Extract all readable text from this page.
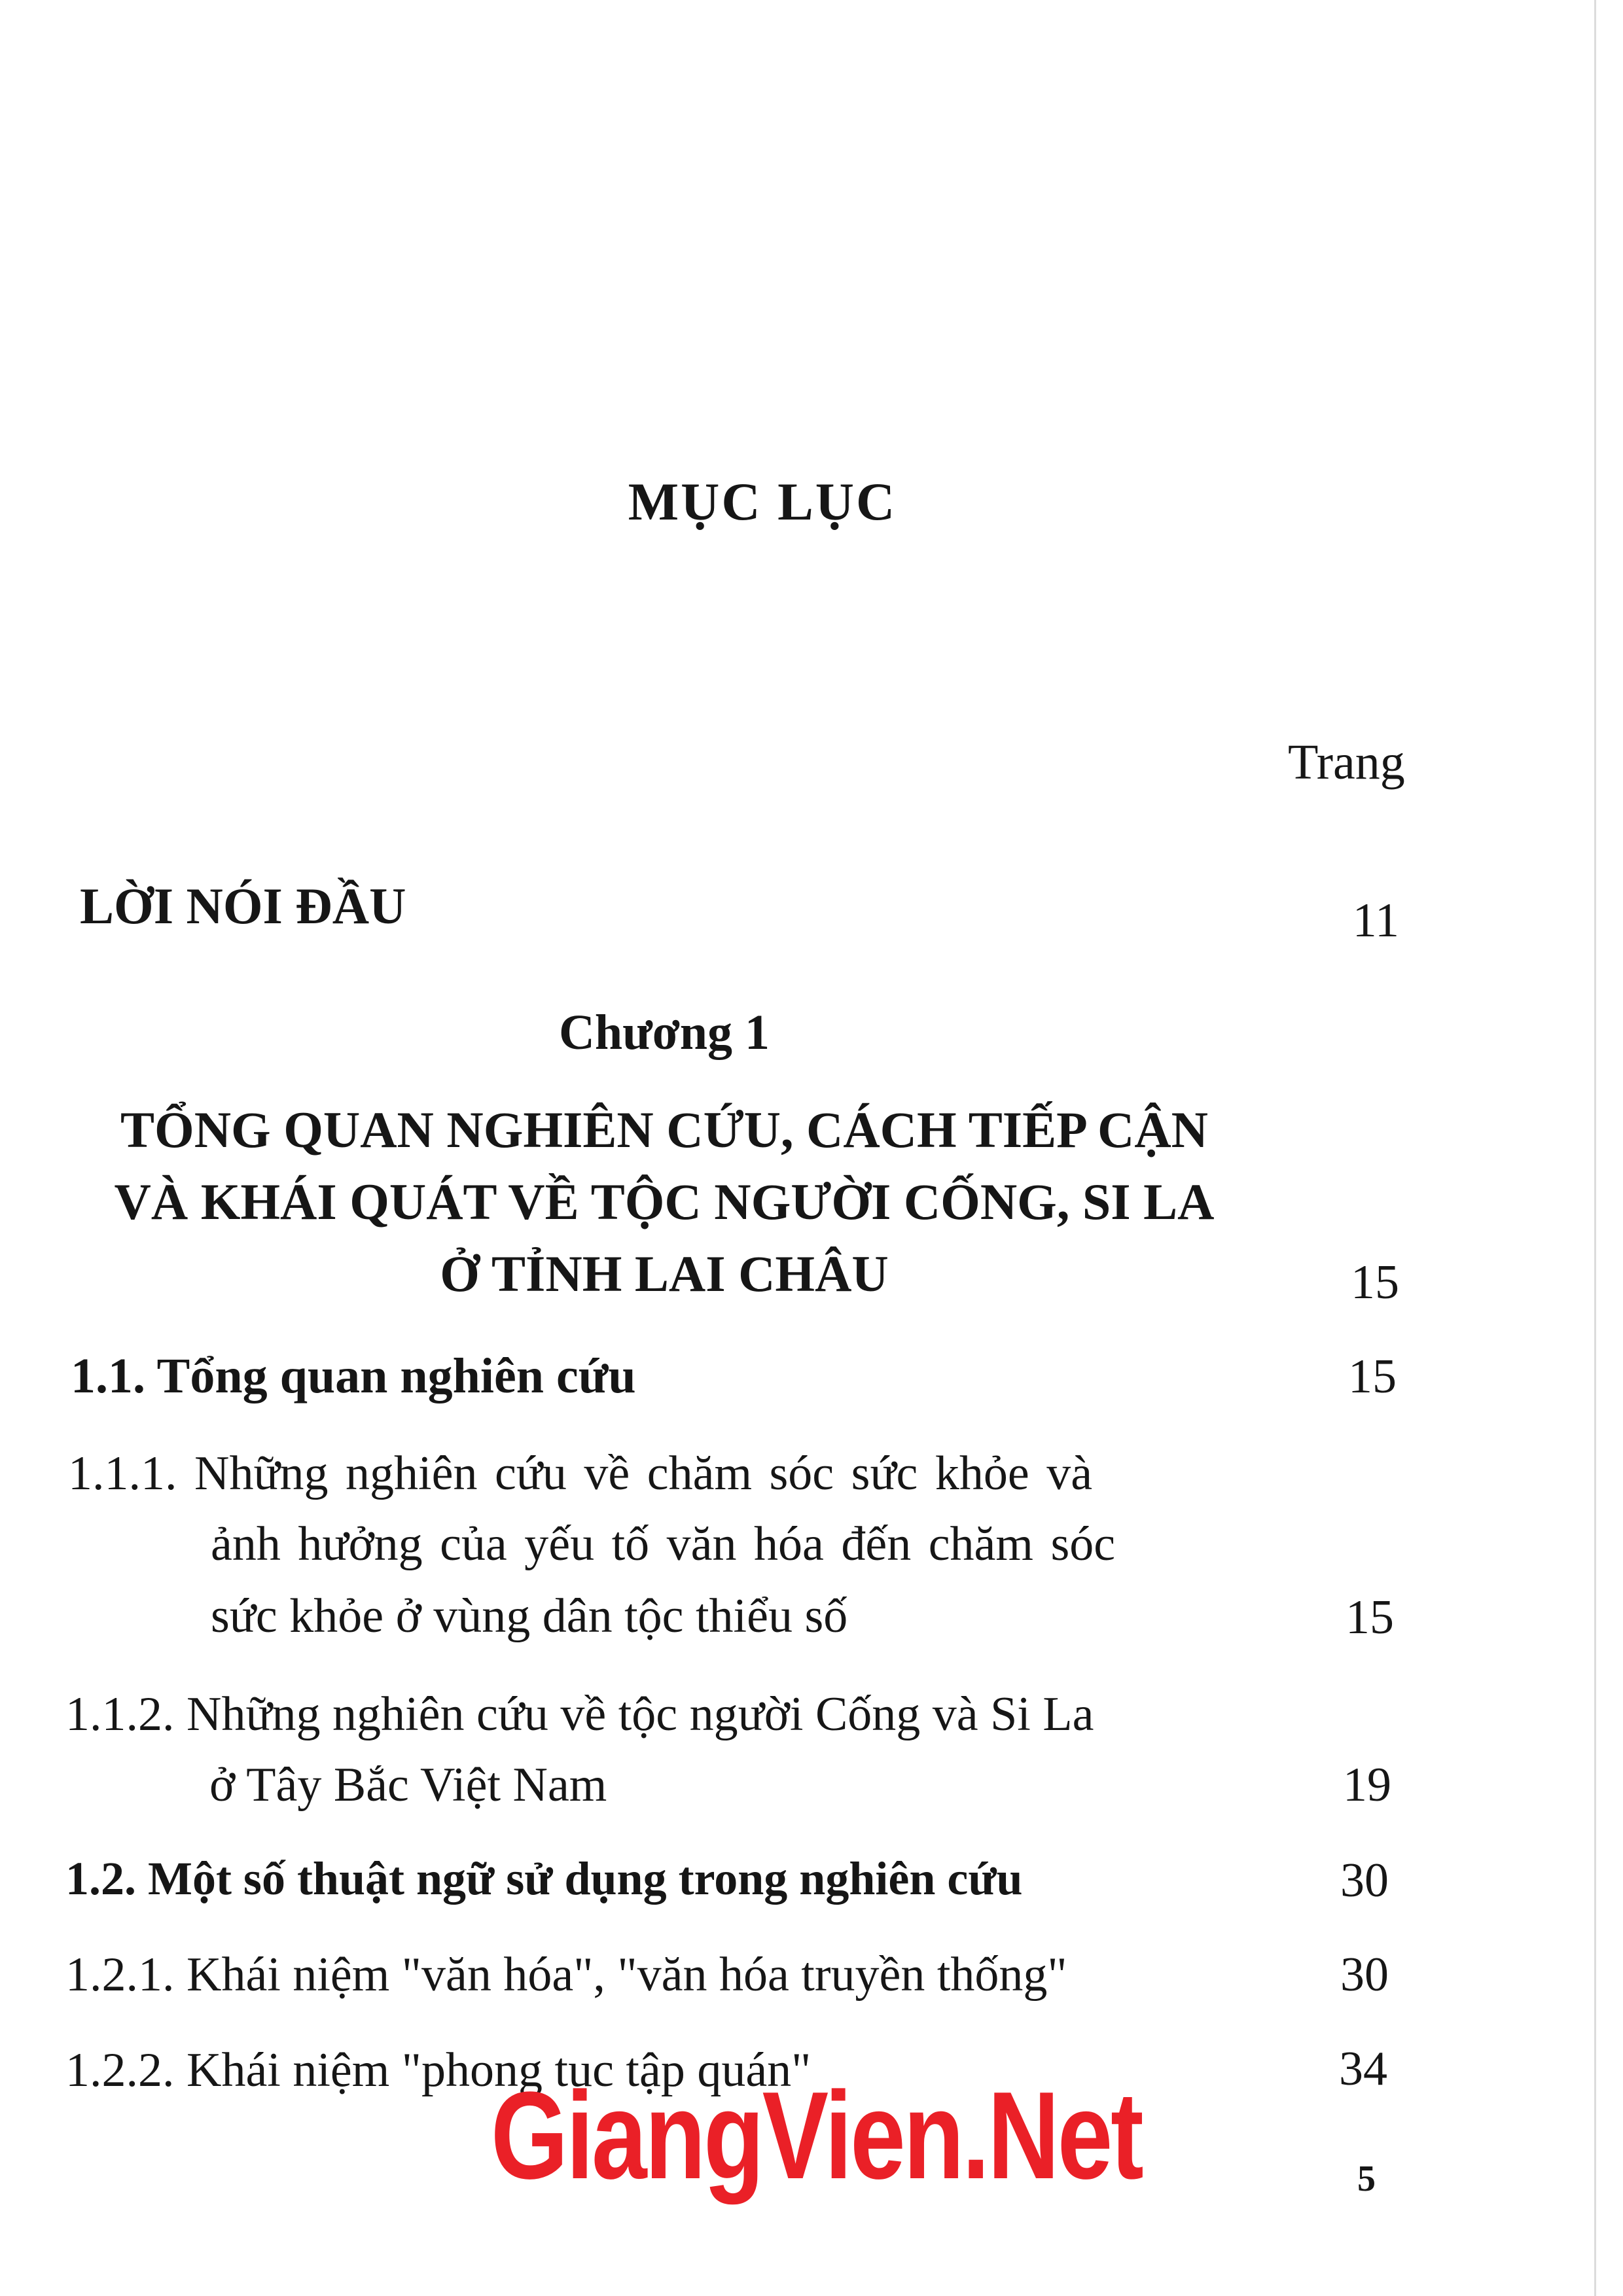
MỤC LỤC
Trang
LỜI NÓI ĐẦU	11
Chương 1
TỔNG QUAN NGHIÊN CỨU, CÁCH TIẾP CẬN
VÀ KHÁI QUÁT VỀ TỘC NGƯỜI CỐNG, SI LA
Ở TỈNH LAI CHÂU	15
1.1. Tổng quan nghiên cứu	15
1.1.1. Những nghiên cứu về chăm sóc sức khỏe và
ảnh hưởng của yếu tố văn hóa đến chăm sóc
sức khỏe ở vùng dân tộc thiểu số	15
1.1.2. Những nghiên cứu về tộc người Cống và Si La
ở Tây Bắc Việt Nam	19
1.2. Một số thuật ngữ sử dụng trong nghiên cứu	30
1.2.1. Khái niệm "văn hóa", "văn hóa truyền thống"	30
1.2.2. Khái niệm "phong tục tập quán"	34
GiangVien.Net	5
